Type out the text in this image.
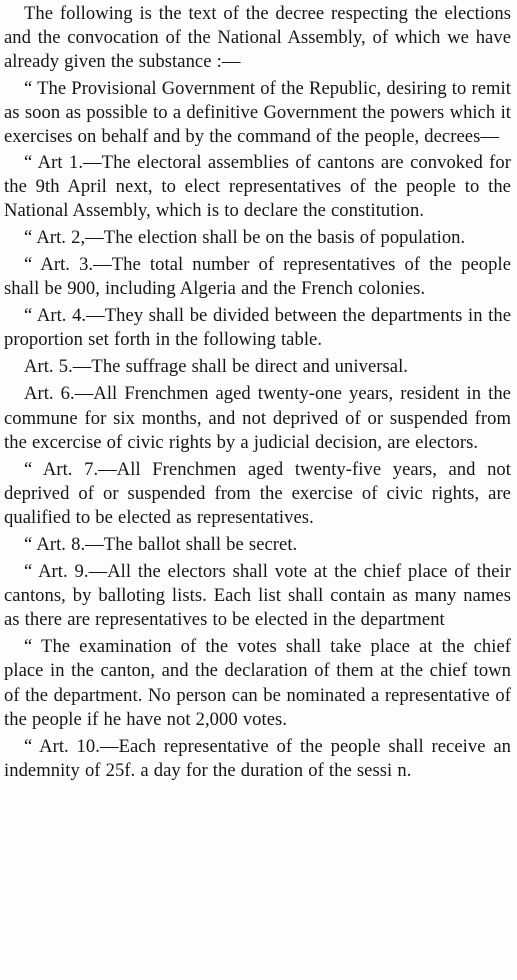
The following is the text of the decree respecting the elections and the convocation of the National Assembly, of which we have already given the substance :—

“ The Provisional Government of the Republic, desiring to remit as soon as possible to a definitive Government the powers which it exercises on behalf and by the command of the people, decrees—

“ Art 1.—The electoral assemblies of cantons are convoked for the 9th April next, to elect representatives of the people to the National Assembly, which is to declare the constitution.

“ Art. 2,—The election shall be on the basis of population.

“ Art. 3.—The total number of representatives of the people shall be 900, including Algeria and the French colonies.

“ Art. 4.—They shall be divided between the departments in the proportion set forth in the following table.

Art. 5.—The suffrage shall be direct and universal.

Art. 6.—All Frenchmen aged twenty-one years, resident in the commune for six months, and not deprived of or suspended from the excercise of civic rights by a judicial decision, are electors.

“ Art. 7.—All Frenchmen aged twenty-five years, and not deprived of or suspended from the exercise of civic rights, are qualified to be elected as representatives.

“ Art. 8.—The ballot shall be secret.

“ Art. 9.—All the electors shall vote at the chief place of their cantons, by balloting lists. Each list shall contain as many names as there are representatives to be elected in the department

“ The examination of the votes shall take place at the chief place in the canton, and the declaration of them at the chief town of the department. No person can be nominated a representative of the people if he have not 2,000 votes.

“ Art. 10.—Each representative of the people shall receive an indemnity of 25f. a day for the duration of the sessi n.
